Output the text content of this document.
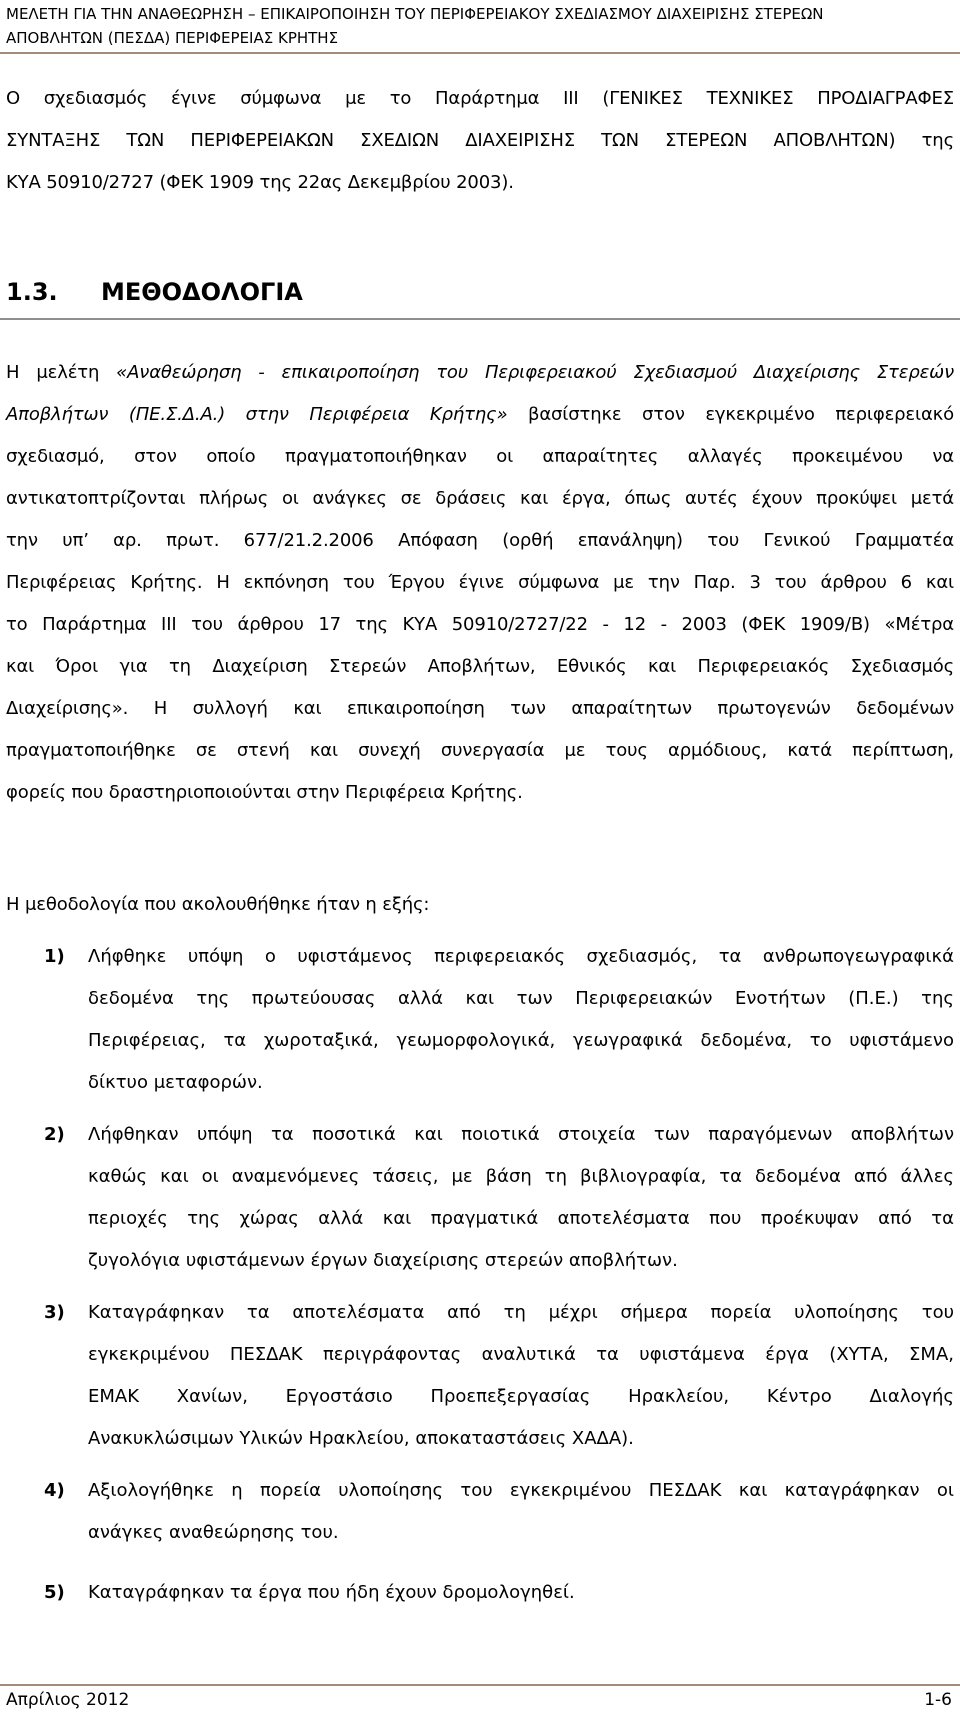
ΜΕΛΕΤΗ ΓΙΑ ΤΗΝ ΑΝΑΘΕΩΡΗΣΗ – ΕΠΙΚΑΙΡΟΠΟΙΗΣΗ ΤΟΥ ΠΕΡΙΦΕΡΕΙΑΚΟΥ ΣΧΕΔΙΑΣΜΟΥ ΔΙΑΧΕΙΡΙΣΗΣ ΣΤΕΡΕΩΝ
ΑΠΟΒΛΗΤΩΝ (ΠΕΣΔΑ) ΠΕΡΙΦΕΡΕΙΑΣ ΚΡΗΤΗΣ
Ο σχεδιασμός έγινε σύμφωνα με το Παράρτημα ΙΙΙ (ΓΕΝΙΚΕΣ ΤΕΧΝΙΚΕΣ ΠΡΟΔΙΑΓΡΑΦΕΣ
ΣΥΝΤΑΞΗΣ ΤΩΝ ΠΕΡΙΦΕΡΕΙΑΚΩΝ ΣΧΕΔΙΩΝ ΔΙΑΧΕΙΡΙΣΗΣ ΤΩΝ ΣΤΕΡΕΩΝ ΑΠΟΒΛΗΤΩΝ) της
ΚΥΑ 50910/2727 (ΦΕΚ 1909 της 22ας Δεκεμβρίου 2003).
1.3. ΜΕΘΟΔΟΛΟΓΙΑ
Η μελέτη «Αναθεώρηση - επικαιροποίηση του Περιφερειακού Σχεδιασμού Διαχείρισης Στερεών
Αποβλήτων (ΠΕ.Σ.Δ.Α.) στην Περιφέρεια Κρήτης» βασίστηκε στον εγκεκριμένο περιφερειακό
σχεδιασμό, στον οποίο πραγματοποιήθηκαν οι απαραίτητες αλλαγές προκειμένου να
αντικατοπτρίζονται πλήρως οι ανάγκες σε δράσεις και έργα, όπως αυτές έχουν προκύψει μετά
την υπ’ αρ. πρωτ. 677/21.2.2006 Απόφαση (ορθή επανάληψη) του Γενικού Γραμματέα
Περιφέρειας Κρήτης. Η εκπόνηση του Έργου έγινε σύμφωνα με την Παρ. 3 του άρθρου 6 και
το Παράρτημα ΙΙΙ του άρθρου 17 της ΚΥΑ 50910/2727/22 - 12 - 2003 (ΦΕΚ 1909/Β) «Μέτρα
και Όροι για τη Διαχείριση Στερεών Αποβλήτων, Εθνικός και Περιφερειακός Σχεδιασμός
Διαχείρισης». Η συλλογή και επικαιροποίηση των απαραίτητων πρωτογενών δεδομένων
πραγματοποιήθηκε σε στενή και συνεχή συνεργασία με τους αρμόδιους, κατά περίπτωση,
φορείς που δραστηριοποιούνται στην Περιφέρεια Κρήτης.
Η μεθοδολογία που ακολουθήθηκε ήταν η εξής:
1) Λήφθηκε υπόψη ο υφιστάμενος περιφερειακός σχεδιασμός, τα ανθρωπογεωγραφικά
δεδομένα της πρωτεύουσας αλλά και των Περιφερειακών Ενοτήτων (Π.Ε.) της
Περιφέρειας, τα χωροταξικά, γεωμορφολογικά, γεωγραφικά δεδομένα, το υφιστάμενο
δίκτυο μεταφορών.
2) Λήφθηκαν υπόψη τα ποσοτικά και ποιοτικά στοιχεία των παραγόμενων αποβλήτων
καθώς και οι αναμενόμενες τάσεις, με βάση τη βιβλιογραφία, τα δεδομένα από άλλες
περιοχές της χώρας αλλά και πραγματικά αποτελέσματα που προέκυψαν από τα
ζυγολόγια υφιστάμενων έργων διαχείρισης στερεών αποβλήτων.
3) Καταγράφηκαν τα αποτελέσματα από τη μέχρι σήμερα πορεία υλοποίησης του
εγκεκριμένου ΠΕΣΔΑΚ περιγράφοντας αναλυτικά τα υφιστάμενα έργα (ΧΥΤΑ, ΣΜΑ,
ΕΜΑΚ Χανίων, Εργοστάσιο Προεπεξεργασίας Ηρακλείου, Κέντρο Διαλογής
Ανακυκλώσιμων Υλικών Ηρακλείου, αποκαταστάσεις ΧΑΔΑ).
4) Αξιολογήθηκε η πορεία υλοποίησης του εγκεκριμένου ΠΕΣΔΑΚ και καταγράφηκαν οι
ανάγκες αναθεώρησης του.
5) Καταγράφηκαν τα έργα που ήδη έχουν δρομολογηθεί.
Απρίλιος 2012	1-6
